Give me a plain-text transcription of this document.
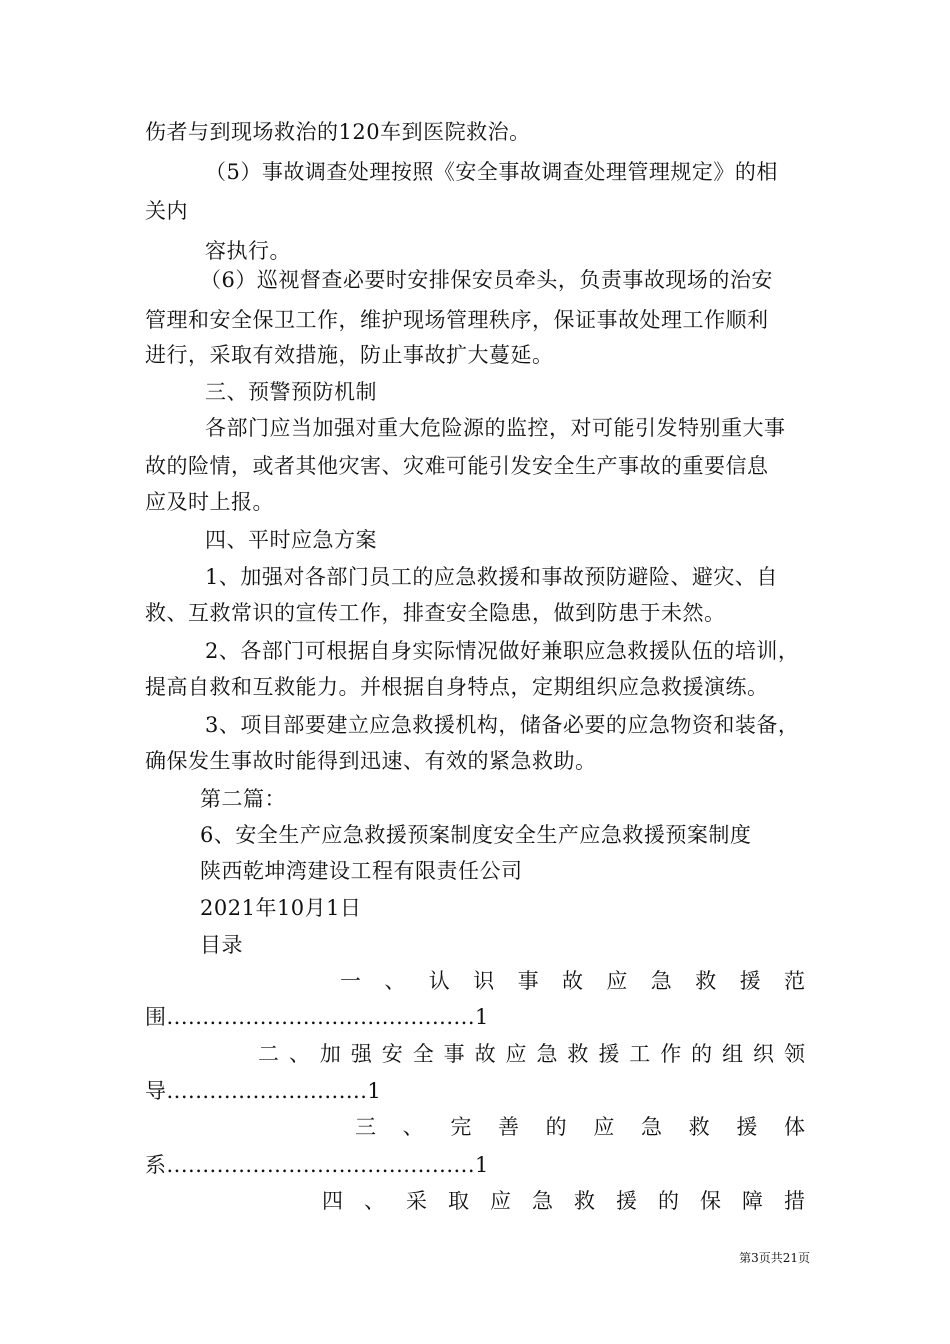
伤者与到现场救治的120车到医院救治。
（5）事故调查处理按照《安全事故调查处理管理规定》的相
关内
容执行。
（6）巡视督查必要时安排保安员牵头，负责事故现场的治安
管理和安全保卫工作，维护现场管理秩序，保证事故处理工作顺利
进行，采取有效措施，防止事故扩大蔓延。
三、预警预防机制
各部门应当加强对重大危险源的监控，对可能引发特别重大事
故的险情，或者其他灾害、灾难可能引发安全生产事故的重要信息
应及时上报。
四、平时应急方案
1、加强对各部门员工的应急救援和事故预防避险、避灾、自
救、互救常识的宣传工作，排查安全隐患，做到防患于未然。
2、各部门可根据自身实际情况做好兼职应急救援队伍的培训，
提高自救和互救能力。并根据自身特点，定期组织应急救援演练。
3、项目部要建立应急救援机构，储备必要的应急物资和装备，
确保发生事故时能得到迅速、有效的紧急救助。
第二篇：
6、安全生产应急救援预案制度安全生产应急救援预案制度
陕西乾坤湾建设工程有限责任公司
2021年10月1日
目录
一 、 认 识 事 故 应 急 救 援 范
围...........................................1
二 、 加 强 安 全 事 故 应 急 救 援 工 作 的 组 织 领
导............................1
三 、 完 善 的 应 急 救 援 体
系...........................................1
四 、 采 取 应 急 救 援 的 保 障 措
第3页共21页
